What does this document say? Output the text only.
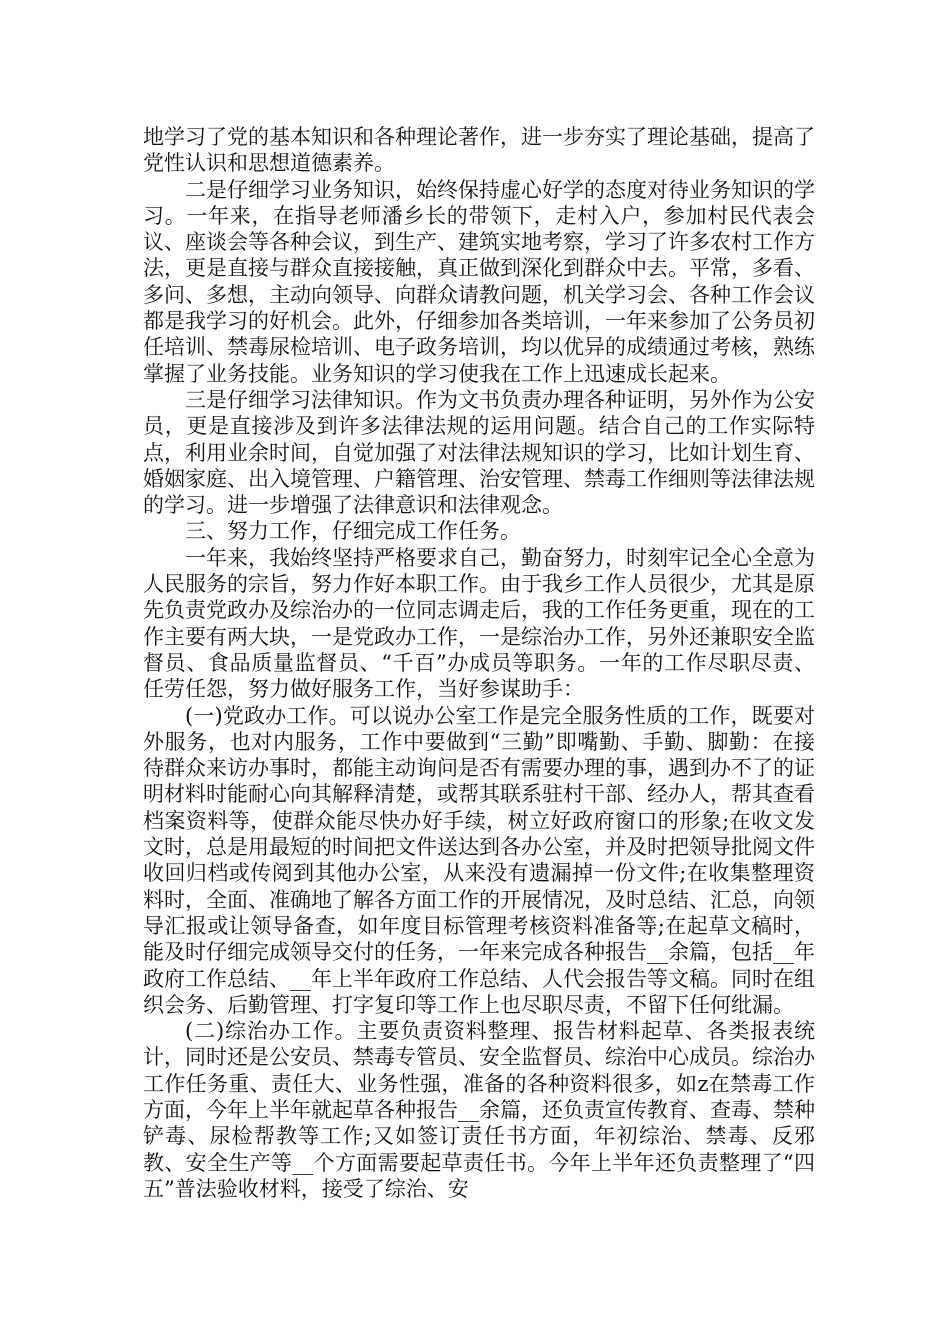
地学习了党的基本知识和各种理论著作，进一步夯实了理论基础，提高了党性认识和思想道德素养。

二是仔细学习业务知识，始终保持虚心好学的态度对待业务知识的学习。一年来，在指导老师潘乡长的带领下，走村入户，参加村民代表会议、座谈会等各种会议，到生产、建筑实地考察，学习了许多农村工作方法，更是直接与群众直接接触，真正做到深化到群众中去。平常，多看、多问、多想，主动向领导、向群众请教问题，机关学习会、各种工作会议都是我学习的好机会。此外，仔细参加各类培训，一年来参加了公务员初任培训、禁毒尿检培训、电子政务培训，均以优异的成绩通过考核，熟练掌握了业务技能。业务知识的学习使我在工作上迅速成长起来。

三是仔细学习法律知识。作为文书负责办理各种证明，另外作为公安员，更是直接涉及到许多法律法规的运用问题。结合自己的工作实际特点，利用业余时间，自觉加强了对法律法规知识的学习，比如计划生育、婚姻家庭、出入境管理、户籍管理、治安管理、禁毒工作细则等法律法规的学习。进一步增强了法律意识和法律观念。

三、努力工作，仔细完成工作任务。

一年来，我始终坚持严格要求自己，勤奋努力，时刻牢记全心全意为人民服务的宗旨，努力作好本职工作。由于我乡工作人员很少，尤其是原先负责党政办及综治办的一位同志调走后，我的工作任务更重，现在的工作主要有两大块，一是党政办工作，一是综治办工作，另外还兼职安全监督员、食品质量监督员、“千百”办成员等职务。一年的工作尽职尽责、任劳任怨，努力做好服务工作，当好参谋助手：

(一)党政办工作。可以说办公室工作是完全服务性质的工作，既要对外服务，也对内服务，工作中要做到“三勤”即嘴勤、手勤、脚勤：在接待群众来访办事时，都能主动询问是否有需要办理的事，遇到办不了的证明材料时能耐心向其解释清楚，或帮其联系驻村干部、经办人，帮其查看档案资料等，使群众能尽快办好手续，树立好政府窗口的形象;在收文发文时，总是用最短的时间把文件送达到各办公室，并及时把领导批阅文件收回归档或传阅到其他办公室，从来没有遗漏掉一份文件;在收集整理资料时，全面、准确地了解各方面工作的开展情况，及时总结、汇总，向领导汇报或让领导备查，如年度目标管理考核资料准备等;在起草文稿时，能及时仔细完成领导交付的任务，一年来完成各种报告__余篇，包括__年政府工作总结、__年上半年政府工作总结、人代会报告等文稿。同时在组织会务、后勤管理、打字复印等工作上也尽职尽责，不留下任何纰漏。

(二)综治办工作。主要负责资料整理、报告材料起草、各类报表统计，同时还是公安员、禁毒专管员、安全监督员、综治中心成员。综治办工作任务重、责任大、业务性强，准备的各种资料很多，如z在禁毒工作方面，今年上半年就起草各种报告__余篇，还负责宣传教育、查毒、禁种铲毒、尿检帮教等工作;又如签订责任书方面，年初综治、禁毒、反邪教、安全生产等__个方面需要起草责任书。今年上半年还负责整理了“四五”普法验收材料，接受了综治、安
